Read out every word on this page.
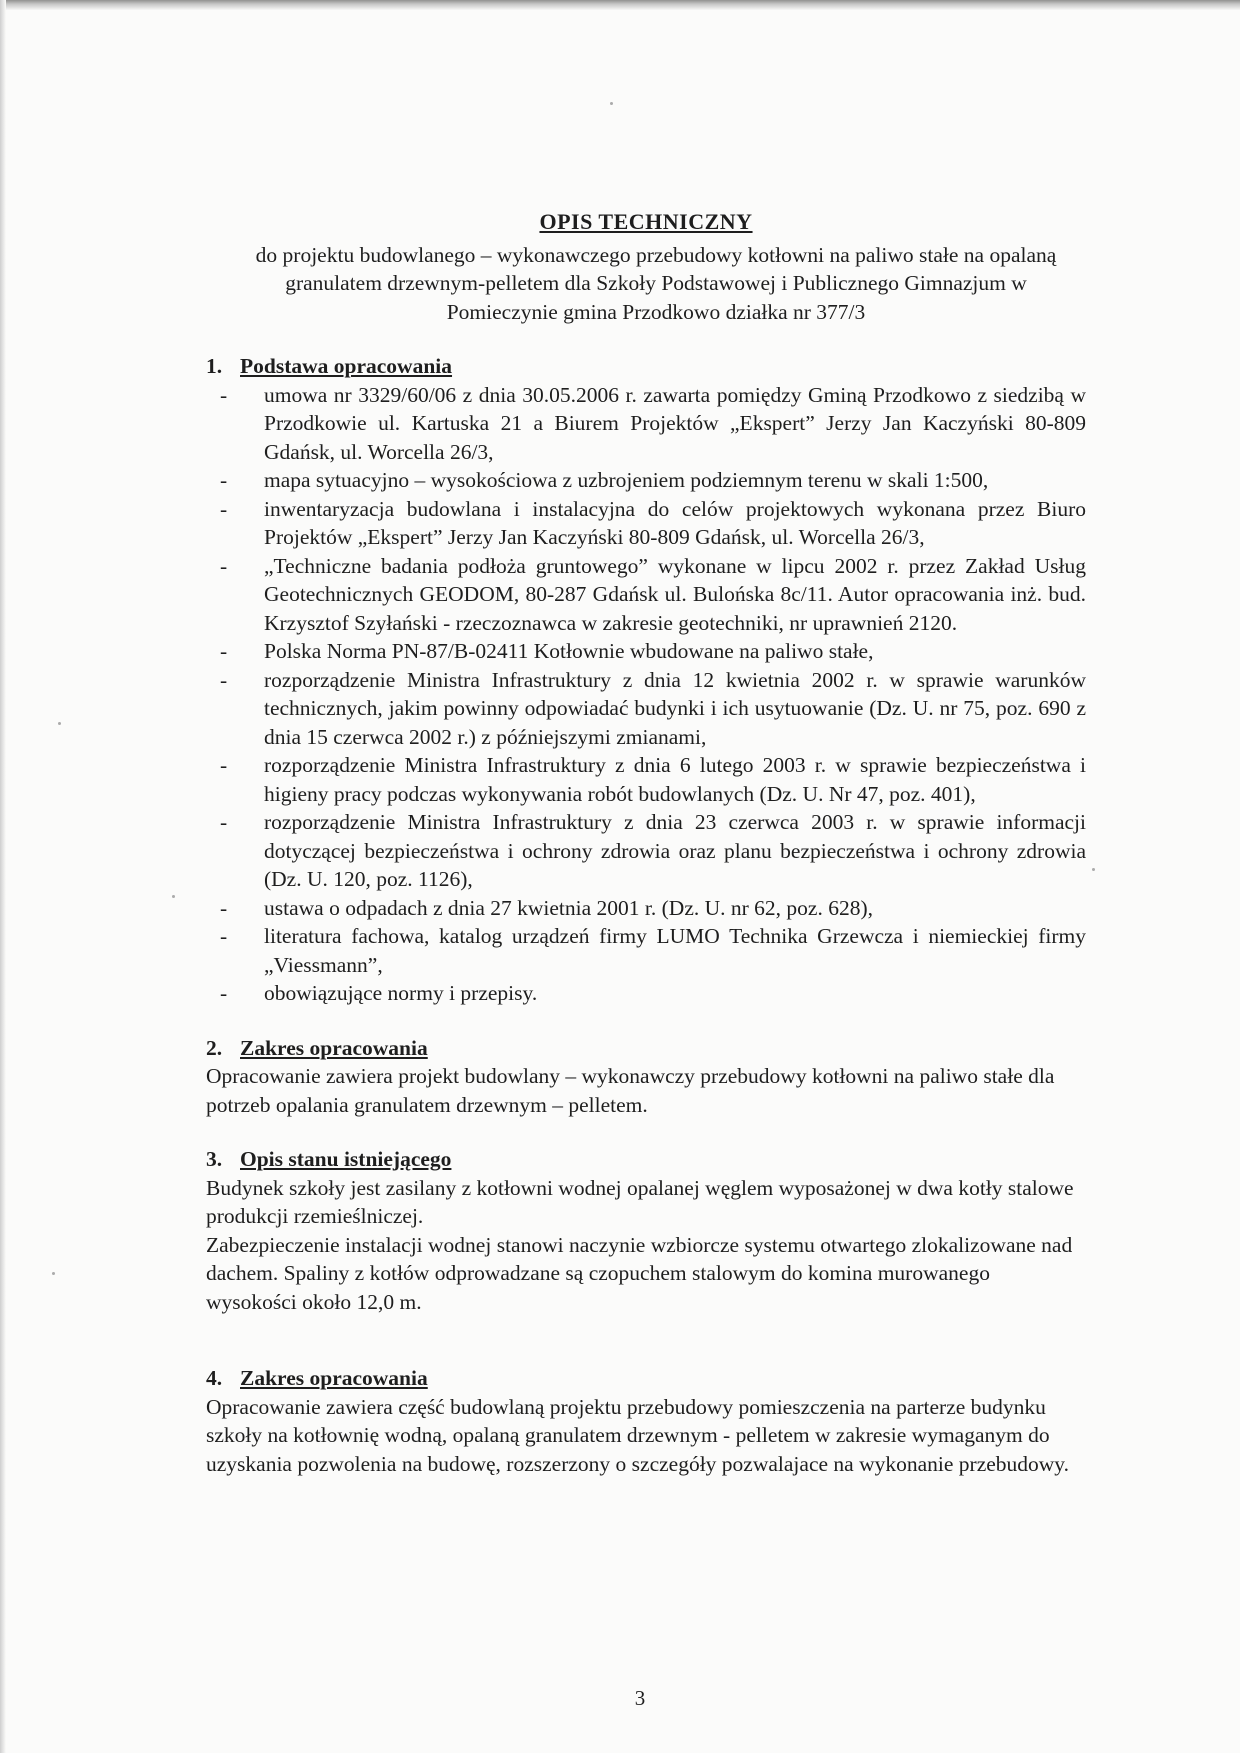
OPIS TECHNICZNY
do projektu budowlanego – wykonawczego przebudowy kotłowni na paliwo stałe na opalaną granulatem drzewnym-pelletem dla Szkoły Podstawowej i Publicznego Gimnazjum w Pomieczynie gmina Przodkowo działka nr 377/3
1. Podstawa opracowania
- umowa nr 3329/60/06 z dnia 30.05.2006 r. zawarta pomiędzy Gminą Przodkowo z siedzibą w Przodkowie ul. Kartuska 21 a Biurem Projektów „Ekspert” Jerzy Jan Kaczyński 80-809 Gdańsk, ul. Worcella 26/3,
- mapa sytuacyjno – wysokościowa z uzbrojeniem podziemnym terenu w skali 1:500,
- inwentaryzacja budowlana i instalacyjna do celów projektowych wykonana przez Biuro Projektów „Ekspert” Jerzy Jan Kaczyński 80-809 Gdańsk, ul. Worcella 26/3,
- „Techniczne badania podłoża gruntowego” wykonane w lipcu 2002 r. przez Zakład Usług Geotechnicznych GEODOM, 80-287 Gdańsk ul. Bulońska 8c/11. Autor opracowania inż. bud. Krzysztof Szyłański - rzeczoznawca w zakresie geotechniki, nr uprawnień 2120.
- Polska Norma PN-87/B-02411 Kotłownie wbudowane na paliwo stałe,
- rozporządzenie Ministra Infrastruktury z dnia 12 kwietnia 2002 r. w sprawie warunków technicznych, jakim powinny odpowiadać budynki i ich usytuowanie (Dz. U. nr 75, poz. 690 z dnia 15 czerwca 2002 r.) z późniejszymi zmianami,
- rozporządzenie Ministra Infrastruktury z dnia 6 lutego 2003 r. w sprawie bezpieczeństwa i higieny pracy podczas wykonywania robót budowlanych (Dz. U. Nr 47, poz. 401),
- rozporządzenie Ministra Infrastruktury z dnia 23 czerwca 2003 r. w sprawie informacji dotyczącej bezpieczeństwa i ochrony zdrowia oraz planu bezpieczeństwa i ochrony zdrowia (Dz. U. 120, poz. 1126),
- ustawa o odpadach z dnia 27 kwietnia 2001 r. (Dz. U. nr 62, poz. 628),
- literatura fachowa, katalog urządzeń firmy LUMO Technika Grzewcza i niemieckiej firmy „Viessmann”,
- obowiązujące normy i przepisy.
2. Zakres opracowania

Opracowanie zawiera projekt budowlany – wykonawczy przebudowy kotłowni na paliwo stałe dla potrzeb opalania granulatem drzewnym – pelletem.

3. Opis stanu istniejącego

Budynek szkoły jest zasilany z kotłowni wodnej opalanej węglem wyposażonej w dwa kotły stalowe produkcji rzemieślniczej.

Zabezpieczenie instalacji wodnej stanowi naczynie wzbiorcze systemu otwartego zlokalizowane nad dachem. Spaliny z kotłów odprowadzane są czopuchem stalowym do komina murowanego wysokości około 12,0 m.

4. Zakres opracowania

Opracowanie zawiera część budowlaną projektu przebudowy pomieszczenia na parterze budynku szkoły na kotłownię wodną, opalaną granulatem drzewnym - pelletem w zakresie wymaganym do uzyskania pozwolenia na budowę, rozszerzony o szczegóły pozwalajace na wykonanie przebudowy.

3
